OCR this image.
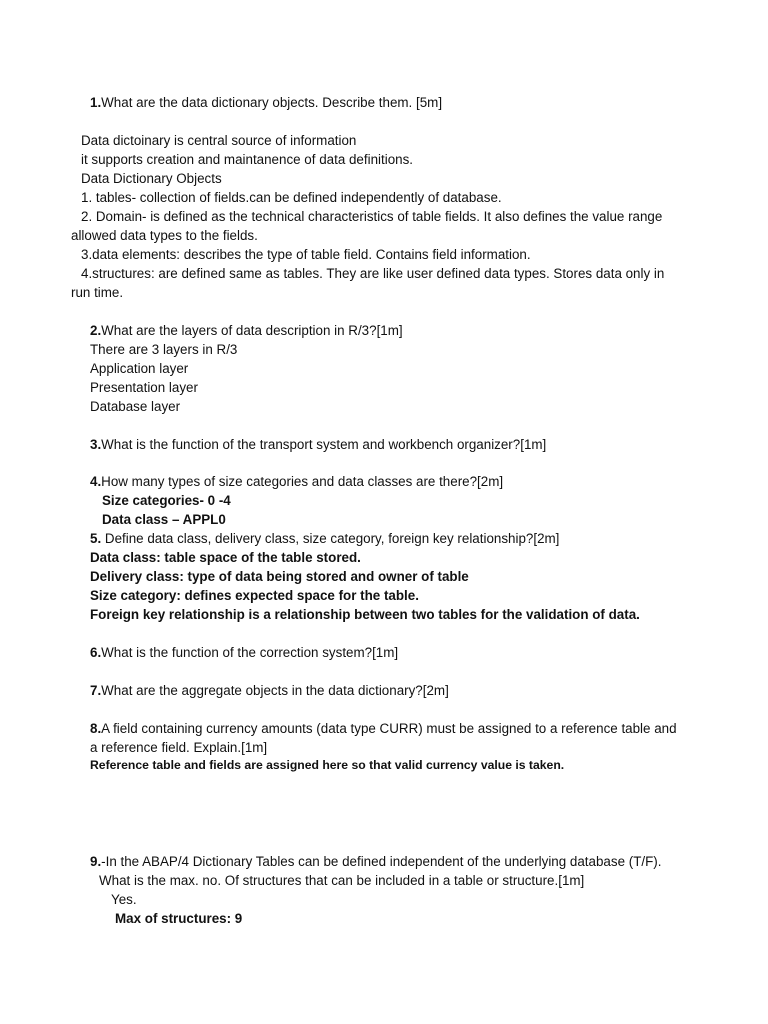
1.What are the data dictionary objects. Describe them. [5m]
Data dictoinary is central source of information
it supports creation and maintanence of data definitions.
Data Dictionary Objects
1. tables- collection of fields.can be defined independently of database.
2. Domain- is defined as the technical characteristics of table fields. It also defines the value range
allowed data types to the fields.
3.data elements: describes the type of table field. Contains field information.
4.structures: are defined same as tables. They are like user defined data types. Stores data only in
run time.
2.What are the layers of data description in R/3?[1m]
There are 3 layers in R/3
Application layer
Presentation layer
Database layer
3.What is the function of the transport system and workbench organizer?[1m]
4.How many types of size categories and data classes are there?[2m]
Size categories- 0 -4
Data class – APPL0
5. Define data class, delivery class, size category, foreign key relationship?[2m]
Data class: table space of the table stored.
Delivery class: type of data being stored and owner of table
Size category: defines expected space for the table.
Foreign key relationship is a relationship between two tables for the validation of data.
6.What is the function of the correction system?[1m]
7.What are the aggregate objects in the data dictionary?[2m]
8.A field containing currency amounts (data type CURR) must be assigned to a reference table and
a reference field. Explain.[1m]
Reference table and fields are assigned here so that valid currency value is taken.
9.-In the ABAP/4 Dictionary Tables can be defined independent of the underlying database (T/F).
What is the max. no. Of structures that can be included in a table or structure.[1m]
Yes.
Max of structures: 9
